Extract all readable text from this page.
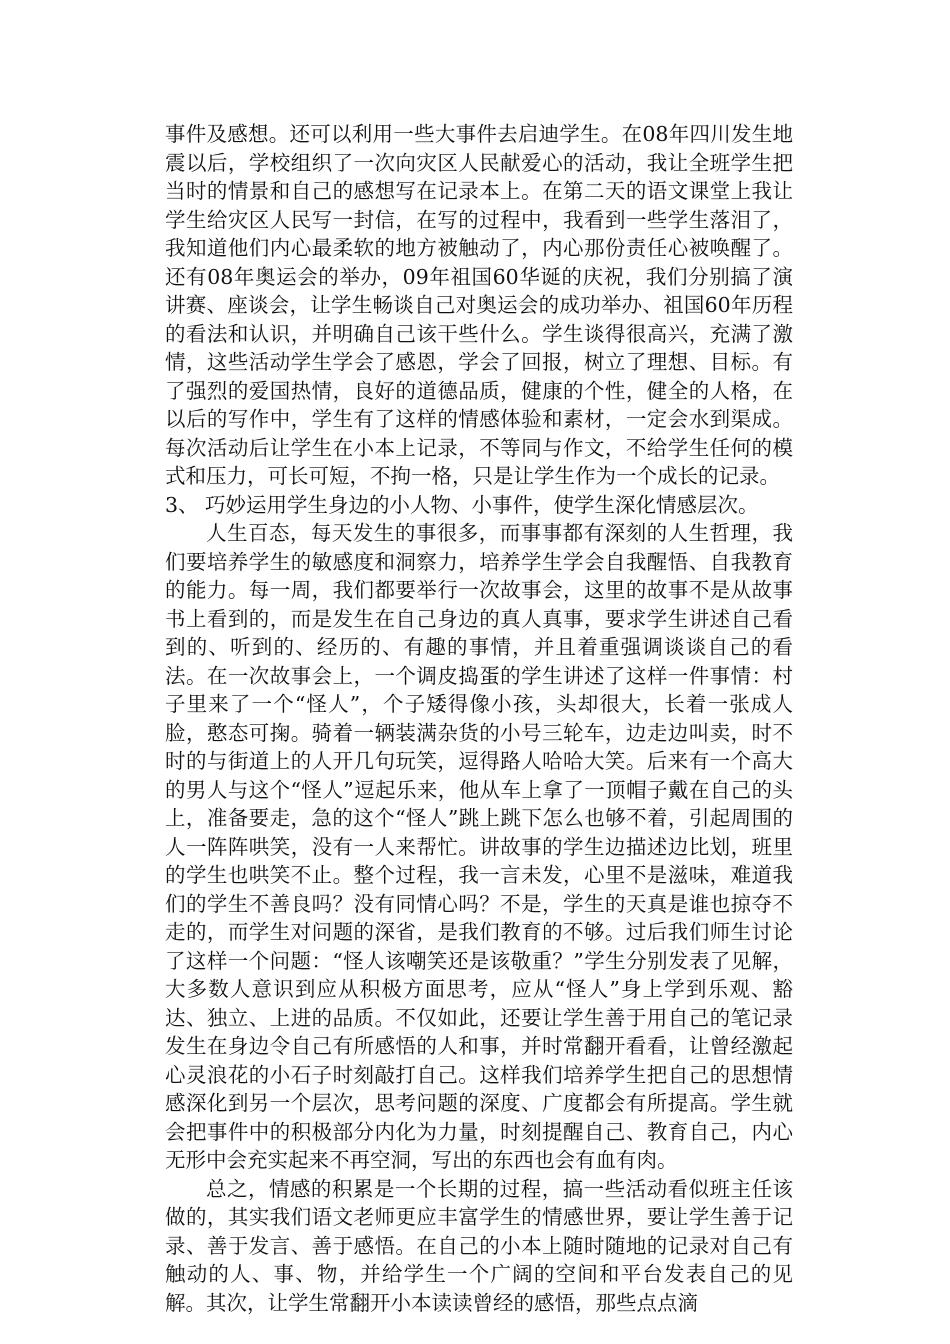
事件及感想。还可以利用一些大事件去启迪学生。在08年四川发生地震以后，学校组织了一次向灾区人民献爱心的活动，我让全班学生把当时的情景和自己的感想写在记录本上。在第二天的语文课堂上我让学生给灾区人民写一封信，在写的过程中，我看到一些学生落泪了，我知道他们内心最柔软的地方被触动了，内心那份责任心被唤醒了。还有08年奥运会的举办，09年祖国60华诞的庆祝，我们分别搞了演讲赛、座谈会，让学生畅谈自己对奥运会的成功举办、祖国60年历程的看法和认识，并明确自己该干些什么。学生谈得很高兴，充满了激情，这些活动学生学会了感恩，学会了回报，树立了理想、目标。有了强烈的爱国热情，良好的道德品质，健康的个性，健全的人格，在以后的写作中，学生有了这样的情感体验和素材，一定会水到渠成。每次活动后让学生在小本上记录，不等同与作文，不给学生任何的模式和压力，可长可短，不拘一格，只是让学生作为一个成长的记录。

3、 巧妙运用学生身边的小人物、小事件，使学生深化情感层次。

人生百态，每天发生的事很多，而事事都有深刻的人生哲理，我们要培养学生的敏感度和洞察力，培养学生学会自我醒悟、自我教育的能力。每一周，我们都要举行一次故事会，这里的故事不是从故事书上看到的，而是发生在自己身边的真人真事，要求学生讲述自己看到的、听到的、经历的、有趣的事情，并且着重强调谈谈自己的看法。在一次故事会上，一个调皮捣蛋的学生讲述了这样一件事情：村子里来了一个“怪人”，个子矮得像小孩，头却很大，长着一张成人脸，憨态可掬。骑着一辆装满杂货的小号三轮车，边走边叫卖，时不时的与街道上的人开几句玩笑，逗得路人哈哈大笑。后来有一个高大的男人与这个“怪人”逗起乐来，他从车上拿了一顶帽子戴在自己的头上，准备要走，急的这个“怪人”跳上跳下怎么也够不着，引起周围的人一阵阵哄笑，没有一人来帮忙。讲故事的学生边描述边比划，班里的学生也哄笑不止。整个过程，我一言未发，心里不是滋味，难道我们的学生不善良吗？没有同情心吗？不是，学生的天真是谁也掠夺不走的，而学生对问题的深省，是我们教育的不够。过后我们师生讨论了这样一个问题：“怪人该嘲笑还是该敬重？”学生分别发表了见解，大多数人意识到应从积极方面思考，应从“怪人”身上学到乐观、豁达、独立、上进的品质。不仅如此，还要让学生善于用自己的笔记录发生在身边令自己有所感悟的人和事，并时常翻开看看，让曾经激起心灵浪花的小石子时刻敲打自己。这样我们培养学生把自己的思想情感深化到另一个层次，思考问题的深度、广度都会有所提高。学生就会把事件中的积极部分内化为力量，时刻提醒自己、教育自己，内心无形中会充实起来不再空洞，写出的东西也会有血有肉。

总之，情感的积累是一个长期的过程，搞一些活动看似班主任该做的，其实我们语文老师更应丰富学生的情感世界，要让学生善于记录、善于发言、善于感悟。在自己的小本上随时随地的记录对自己有触动的人、事、物，并给学生一个广阔的空间和平台发表自己的见解。其次，让学生常翻开小本读读曾经的感悟，那些点点滴
